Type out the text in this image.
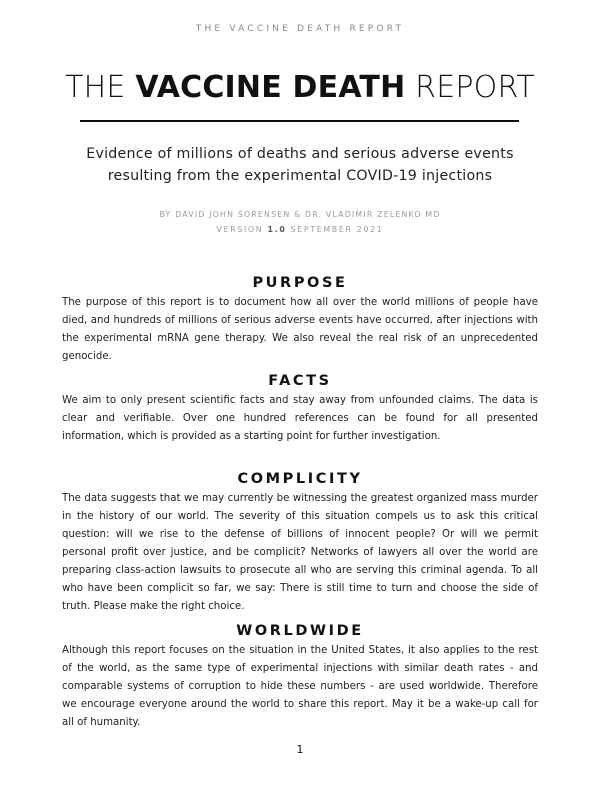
THE VACCINE DEATH REPORT
THE VACCINE DEATH REPORT
Evidence of millions of deaths and serious adverse events
resulting from the experimental COVID-19 injections
BY DAVID JOHN SORENSEN & DR. VLADIMIR ZELENKO MD
VERSION 1.0 SEPTEMBER 2021
PURPOSE

The purpose of this report is to document how all over the world millions of people have died, and hundreds of millions of serious adverse events have occurred, after injections with the experimental mRNA gene therapy. We also reveal the real risk of an unprecedented genocide.

FACTS

We aim to only present scientific facts and stay away from unfounded claims. The data is clear and verifiable. Over one hundred references can be found for all presented information, which is provided as a starting point for further investigation.

COMPLICITY

The data suggests that we may currently be witnessing the greatest organized mass murder in the history of our world. The severity of this situation compels us to ask this critical question: will we rise to the defense of billions of innocent people? Or will we permit personal profit over justice, and be complicit? Networks of lawyers all over the world are preparing class-action lawsuits to prosecute all who are serving this criminal agenda. To all who have been complicit so far, we say: There is still time to turn and choose the side of truth. Please make the right choice.

WORLDWIDE

Although this report focuses on the situation in the United States, it also applies to the rest of the world, as the same type of experimental injections with similar death rates - and comparable systems of corruption to hide these numbers - are used worldwide. Therefore we encourage everyone around the world to share this report. May it be a wake-up call for all of humanity.

1
